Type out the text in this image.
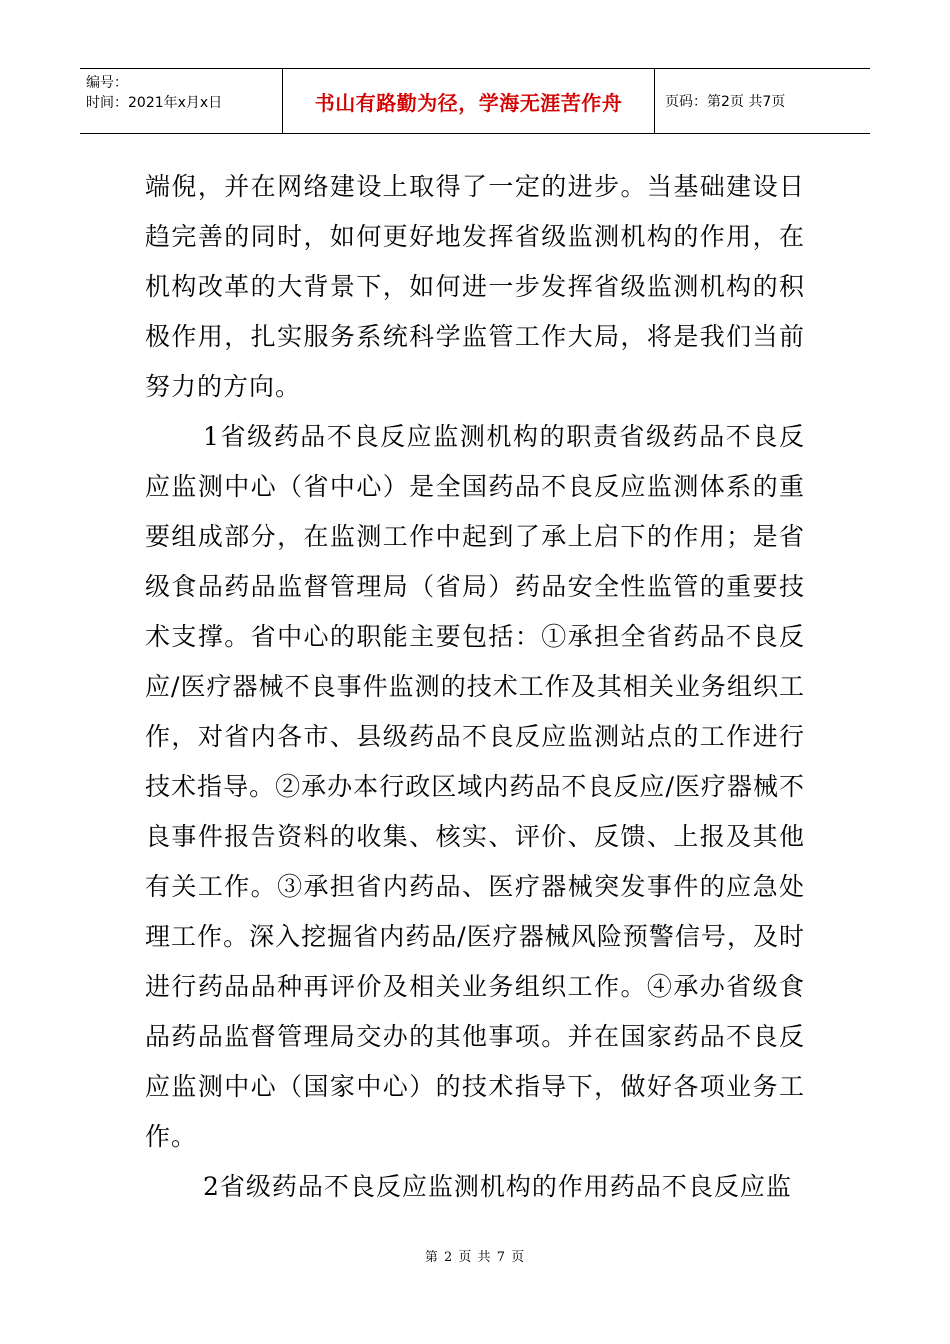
编号：
时间：2021年x月x日	书山有路勤为径，学海无涯苦作舟	页码：第2页 共7页

端倪，并在网络建设上取得了一定的进步。当基础建设日趋完善的同时，如何更好地发挥省级监测机构的作用，在机构改革的大背景下，如何进一步发挥省级监测机构的积极作用，扎实服务系统科学监管工作大局，将是我们当前努力的方向。

1省级药品不良反应监测机构的职责省级药品不良反应监测中心（省中心）是全国药品不良反应监测体系的重要组成部分，在监测工作中起到了承上启下的作用；是省级食品药品监督管理局（省局）药品安全性监管的重要技术支撑。省中心的职能主要包括：①承担全省药品不良反应/医疗器械不良事件监测的技术工作及其相关业务组织工作，对省内各市、县级药品不良反应监测站点的工作进行技术指导。②承办本行政区域内药品不良反应/医疗器械不良事件报告资料的收集、核实、评价、反馈、上报及其他有关工作。③承担省内药品、医疗器械突发事件的应急处理工作。深入挖掘省内药品/医疗器械风险预警信号，及时进行药品品种再评价及相关业务组织工作。④承办省级食品药品监督管理局交办的其他事项。并在国家药品不良反应监测中心（国家中心）的技术指导下，做好各项业务工作。

2省级药品不良反应监测机构的作用药品不良反应监

第 2 页 共 7 页
